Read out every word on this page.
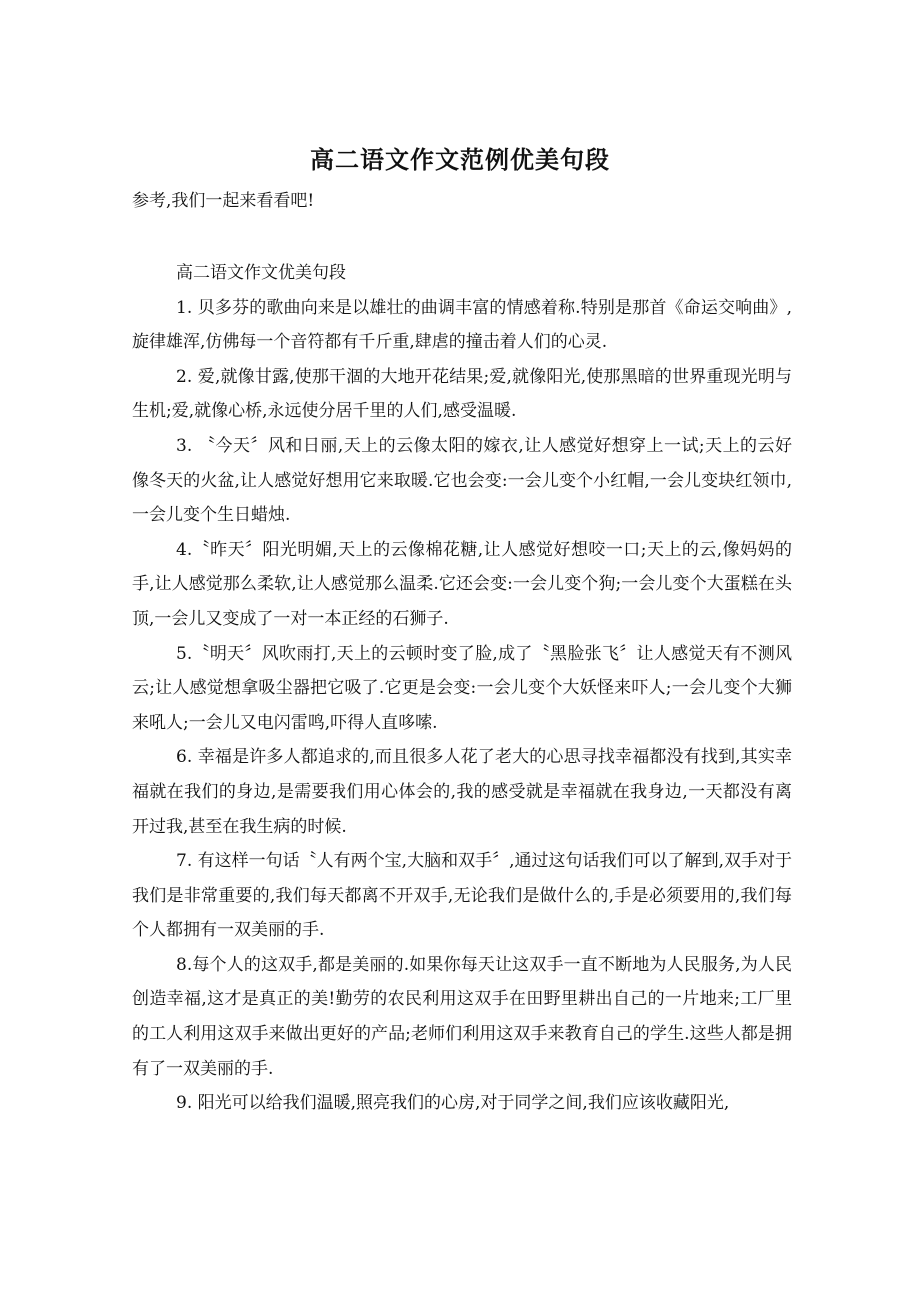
高二语文作文范例优美句段
参考,我们一起来看看吧!

高二语文作文优美句段

1. 贝多芬的歌曲向来是以雄壮的曲调丰富的情感着称.特别是那首《命运交响曲》,旋律雄浑,仿佛每一个音符都有千斤重,肆虐的撞击着人们的心灵.

2. 爱,就像甘露,使那干涸的大地开花结果;爱,就像阳光,使那黑暗的世界重现光明与生机;爱,就像心桥,永远使分居千里的人们,感受温暖.

3. 〝今天〞风和日丽,天上的云像太阳的嫁衣,让人感觉好想穿上一试;天上的云好像冬天的火盆,让人感觉好想用它来取暖.它也会变:一会儿变个小红帽,一会儿变块红领巾,一会儿变个生日蜡烛.

4.〝昨天〞阳光明媚,天上的云像棉花糖,让人感觉好想咬一口;天上的云,像妈妈的手,让人感觉那么柔软,让人感觉那么温柔.它还会变:一会儿变个狗;一会儿变个大蛋糕在头顶,一会儿又变成了一对一本正经的石狮子.

5.〝明天〞风吹雨打,天上的云顿时变了脸,成了〝黑脸张飞〞让人感觉天有不测风云;让人感觉想拿吸尘器把它吸了.它更是会变:一会儿变个大妖怪来吓人;一会儿变个大狮来吼人;一会儿又电闪雷鸣,吓得人直哆嗦.

6. 幸福是许多人都追求的,而且很多人花了老大的心思寻找幸福都没有找到,其实幸福就在我们的身边,是需要我们用心体会的,我的感受就是幸福就在我身边,一天都没有离开过我,甚至在我生病的时候.

7. 有这样一句话〝人有两个宝,大脑和双手〞,通过这句话我们可以了解到,双手对于我们是非常重要的,我们每天都离不开双手,无论我们是做什么的,手是必须要用的,我们每个人都拥有一双美丽的手.

8.每个人的这双手,都是美丽的.如果你每天让这双手一直不断地为人民服务,为人民创造幸福,这才是真正的美!勤劳的农民利用这双手在田野里耕出自己的一片地来;工厂里的工人利用这双手来做出更好的产品;老师们利用这双手来教育自己的学生.这些人都是拥有了一双美丽的手.

9. 阳光可以给我们温暖,照亮我们的心房,对于同学之间,我们应该收藏阳光,
